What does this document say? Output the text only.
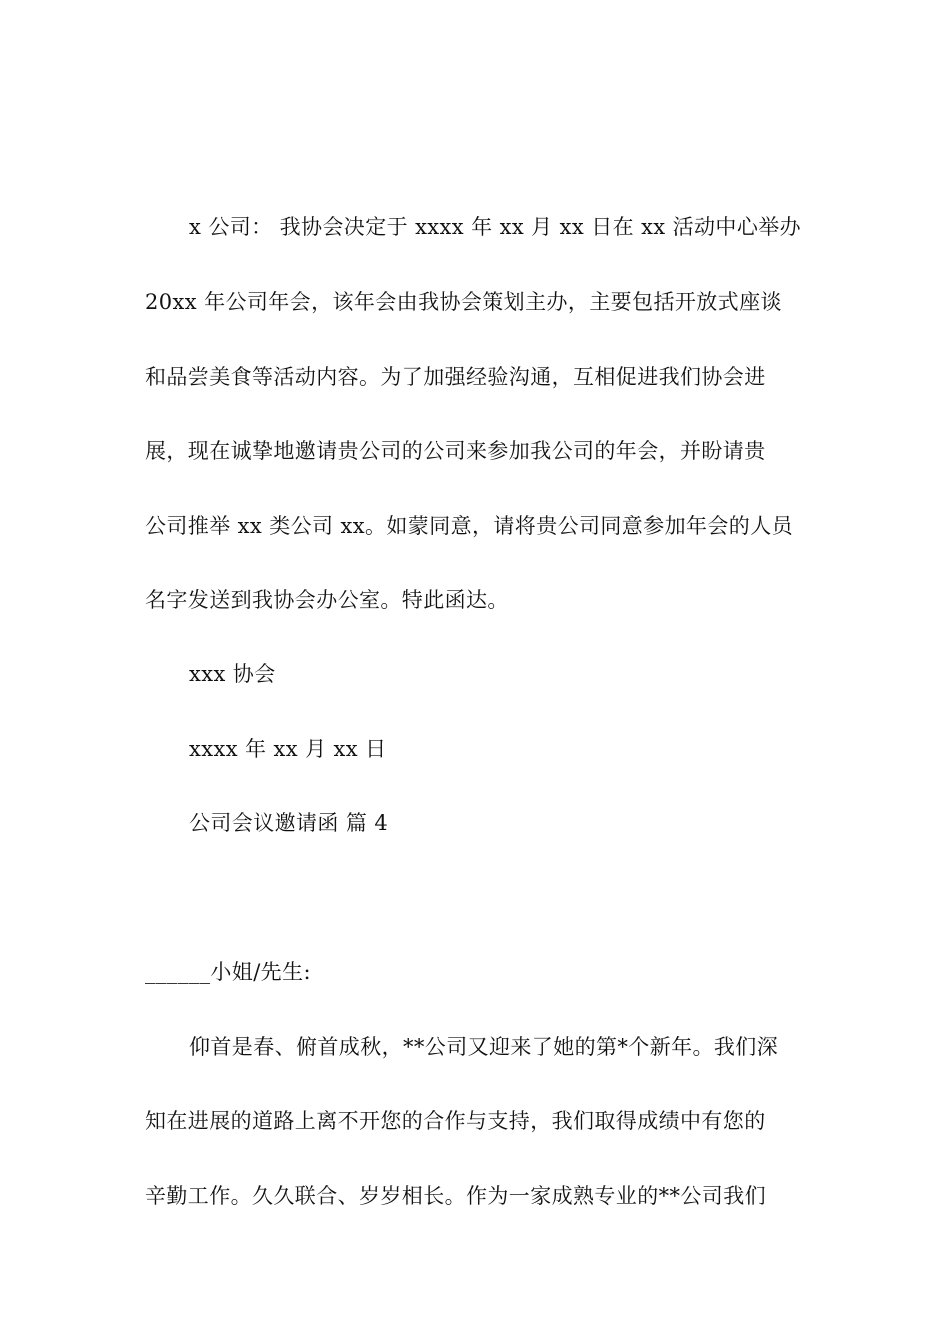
x 公司： 我协会决定于 xxxx 年 xx 月 xx 日在 xx 活动中心举办
20xx 年公司年会，该年会由我协会策划主办，主要包括开放式座谈
和品尝美食等活动内容。为了加强经验沟通，互相促进我们协会进
展，现在诚挚地邀请贵公司的公司来参加我公司的年会，并盼请贵
公司推举 xx 类公司 xx。如蒙同意，请将贵公司同意参加年会的人员
名字发送到我协会办公室。特此函达。
xxx 协会
xxxx 年 xx 月 xx 日
公司会议邀请函 篇 4
______小姐/先生:
仰首是春、俯首成秋，**公司又迎来了她的第*个新年。我们深
知在进展的道路上离不开您的合作与支持，我们取得成绩中有您的
辛勤工作。久久联合、岁岁相长。作为一家成熟专业的**公司我们
